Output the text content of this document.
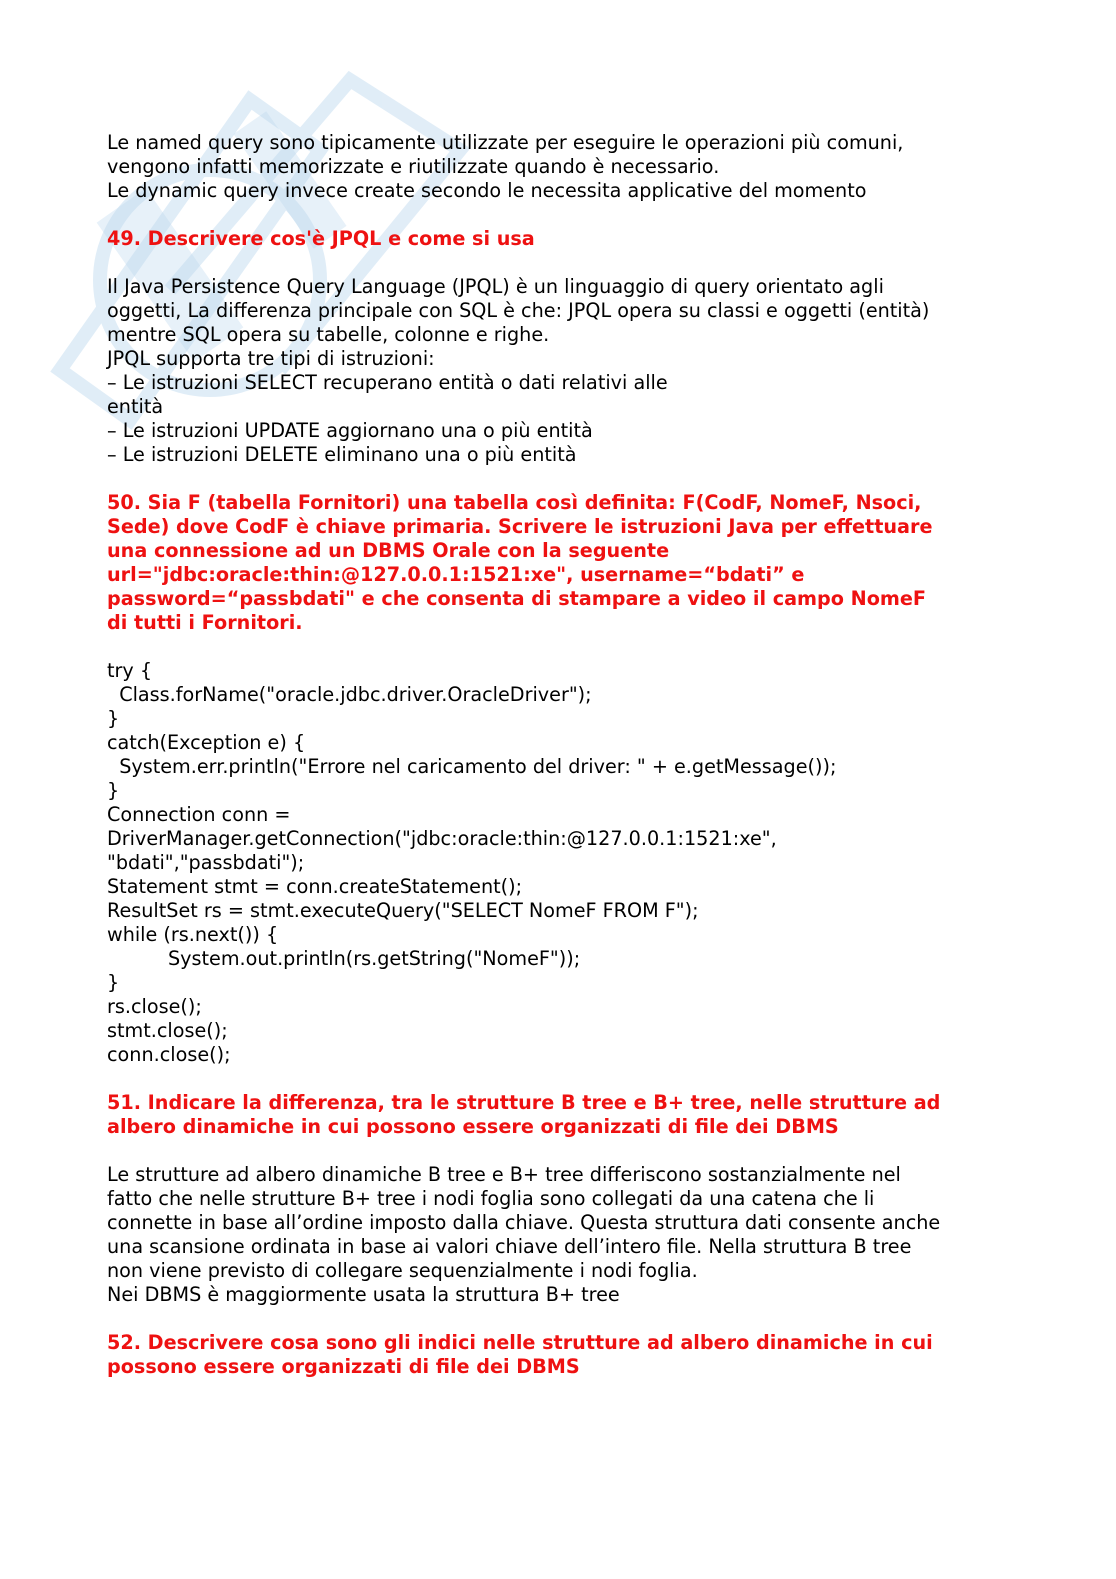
Le named query sono tipicamente utilizzate per eseguire le operazioni più comuni,
vengono infatti memorizzate e riutilizzate quando è necessario.
Le dynamic query invece create secondo le necessita applicative del momento
49. Descrivere cos'è JPQL e come si usa
Il Java Persistence Query Language (JPQL) è un linguaggio di query orientato agli
oggetti, La differenza principale con SQL è che: JPQL opera su classi e oggetti (entità)
mentre SQL opera su tabelle, colonne e righe.
JPQL supporta tre tipi di istruzioni:
– Le istruzioni SELECT recuperano entità o dati relativi alle
entità
– Le istruzioni UPDATE aggiornano una o più entità
– Le istruzioni DELETE eliminano una o più entità
50. Sia F (tabella Fornitori) una tabella così definita: F(CodF, NomeF, Nsoci,
Sede) dove CodF è chiave primaria. Scrivere le istruzioni Java per effettuare
una connessione ad un DBMS Orale con la seguente
url="jdbc:oracle:thin:@127.0.0.1:1521:xe", username=“bdati” e
password=“passbdati" e che consenta di stampare a video il campo NomeF
di tutti i Fornitori.
try {
Class.forName("oracle.jdbc.driver.OracleDriver");
}
catch(Exception e) {
System.err.println("Errore nel caricamento del driver: " + e.getMessage());
}
Connection conn =
DriverManager.getConnection("jdbc:oracle:thin:@127.0.0.1:1521:xe",
"bdati","passbdati");
Statement stmt = conn.createStatement();
ResultSet rs = stmt.executeQuery("SELECT NomeF FROM F");
while (rs.next()) {
System.out.println(rs.getString("NomeF"));
}
rs.close();
stmt.close();
conn.close();
51. Indicare la differenza, tra le strutture B tree e B+ tree, nelle strutture ad
albero dinamiche in cui possono essere organizzati di file dei DBMS
Le strutture ad albero dinamiche B tree e B+ tree differiscono sostanzialmente nel
fatto che nelle strutture B+ tree i nodi foglia sono collegati da una catena che li
connette in base all’ordine imposto dalla chiave. Questa struttura dati consente anche
una scansione ordinata in base ai valori chiave dell’intero file. Nella struttura B tree
non viene previsto di collegare sequenzialmente i nodi foglia.
Nei DBMS è maggiormente usata la struttura B+ tree
52. Descrivere cosa sono gli indici nelle strutture ad albero dinamiche in cui
possono essere organizzati di file dei DBMS
